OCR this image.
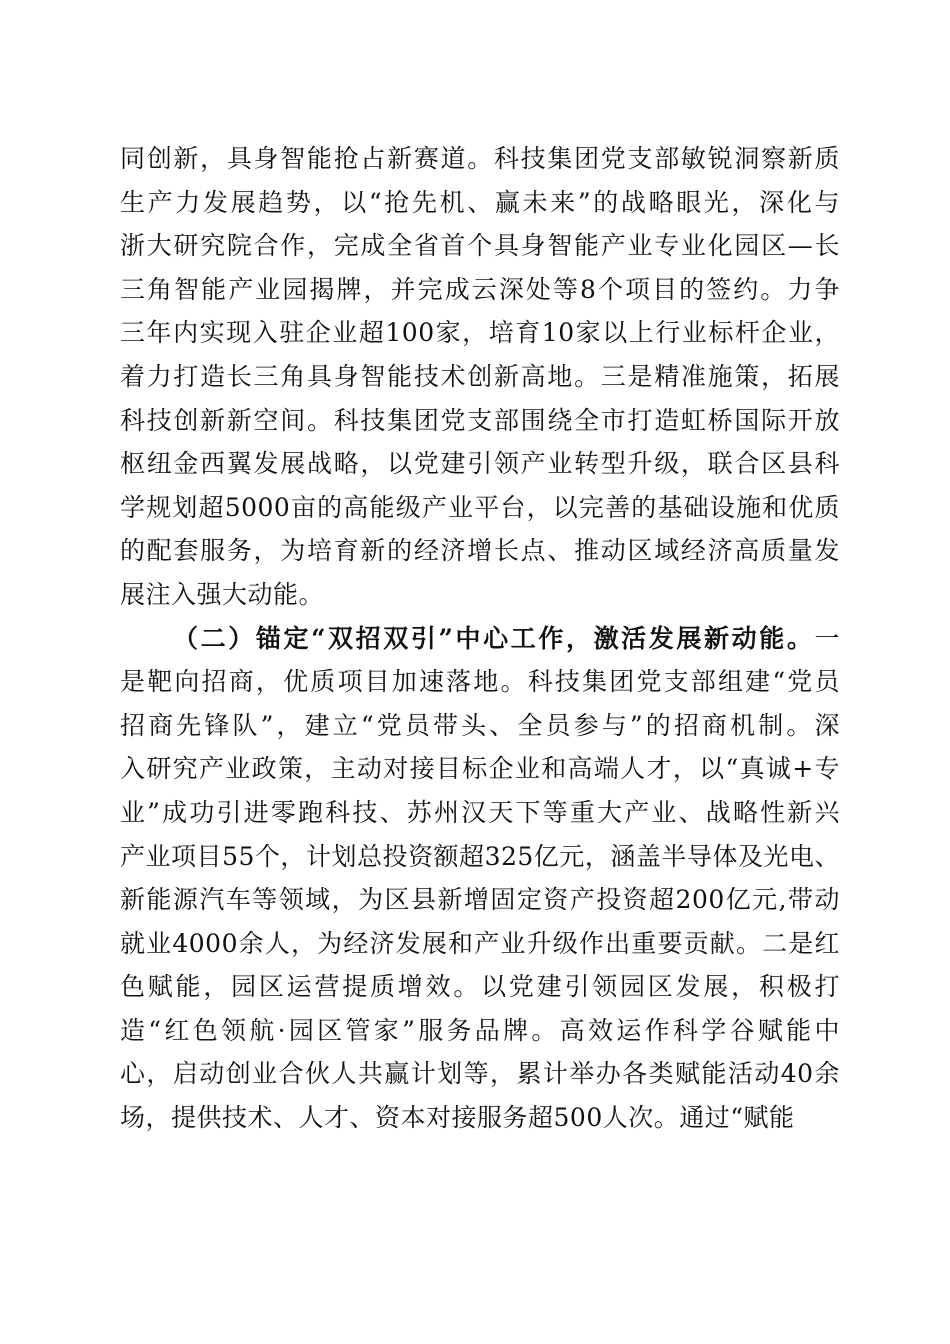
同创新，具身智能抢占新赛道。科技集团党支部敏锐洞察新质
生产力发展趋势，以“抢先机、赢未来”的战略眼光，深化与
浙大研究院合作，完成全省首个具身智能产业专业化园区—长
三角智能产业园揭牌，并完成云深处等8个项目的签约。力争
三年内实现入驻企业超100家，培育10家以上行业标杆企业，
着力打造长三角具身智能技术创新高地。三是精准施策，拓展
科技创新新空间。科技集团党支部围绕全市打造虹桥国际开放
枢纽金西翼发展战略，以党建引领产业转型升级，联合区县科
学规划超5000亩的高能级产业平台，以完善的基础设施和优质
的配套服务，为培育新的经济增长点、推动区域经济高质量发
展注入强大动能。
（二）锚定“双招双引”中心工作，激活发展新动能。一
是靶向招商，优质项目加速落地。科技集团党支部组建“党员
招商先锋队”，建立“党员带头、全员参与”的招商机制。深
入研究产业政策，主动对接目标企业和高端人才，以“真诚+专
业”成功引进零跑科技、苏州汉天下等重大产业、战略性新兴
产业项目55个，计划总投资额超325亿元，涵盖半导体及光电、
新能源汽车等领域，为区县新增固定资产投资超200亿元,带动
就业4000余人，为经济发展和产业升级作出重要贡献。二是红
色赋能，园区运营提质增效。以党建引领园区发展，积极打
造“红色领航·园区管家”服务品牌。高效运作科学谷赋能中
心，启动创业合伙人共赢计划等，累计举办各类赋能活动40余
场，提供技术、人才、资本对接服务超500人次。通过“赋能
